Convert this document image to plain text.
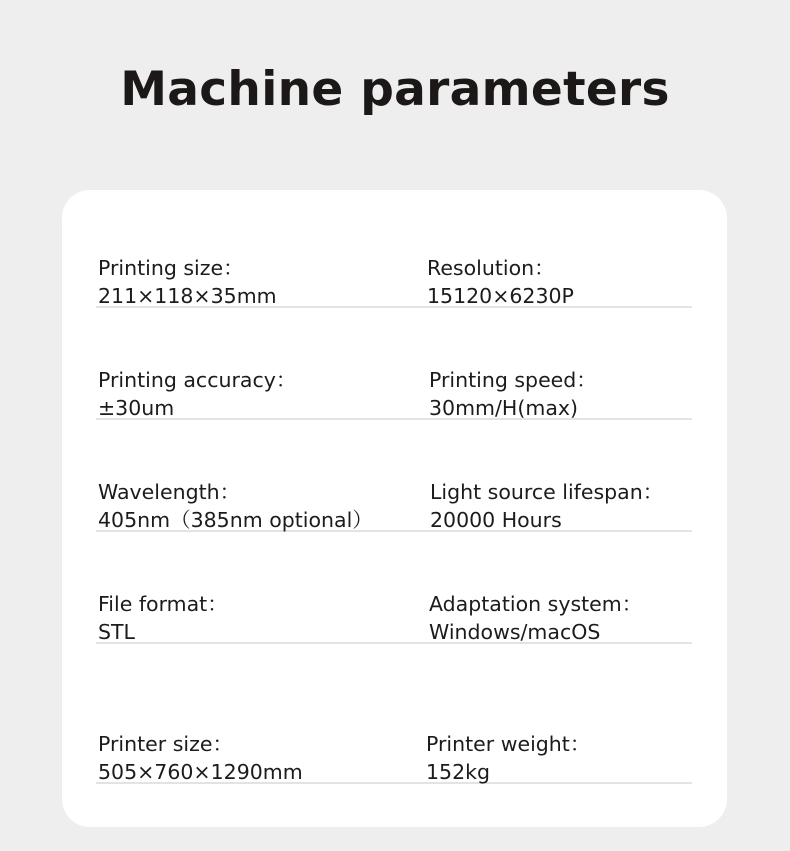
Machine parameters
Printing size：
211×118×35mm
Resolution：
15120×6230P
Printing accuracy：
±30um
Printing speed：
30mm/H(max)
Wavelength：
405nm（385nm optional）
Light source lifespan：
20000 Hours
File format：
STL
Adaptation system：
Windows/macOS
Printer size：
505×760×1290mm
Printer weight：
152kg
